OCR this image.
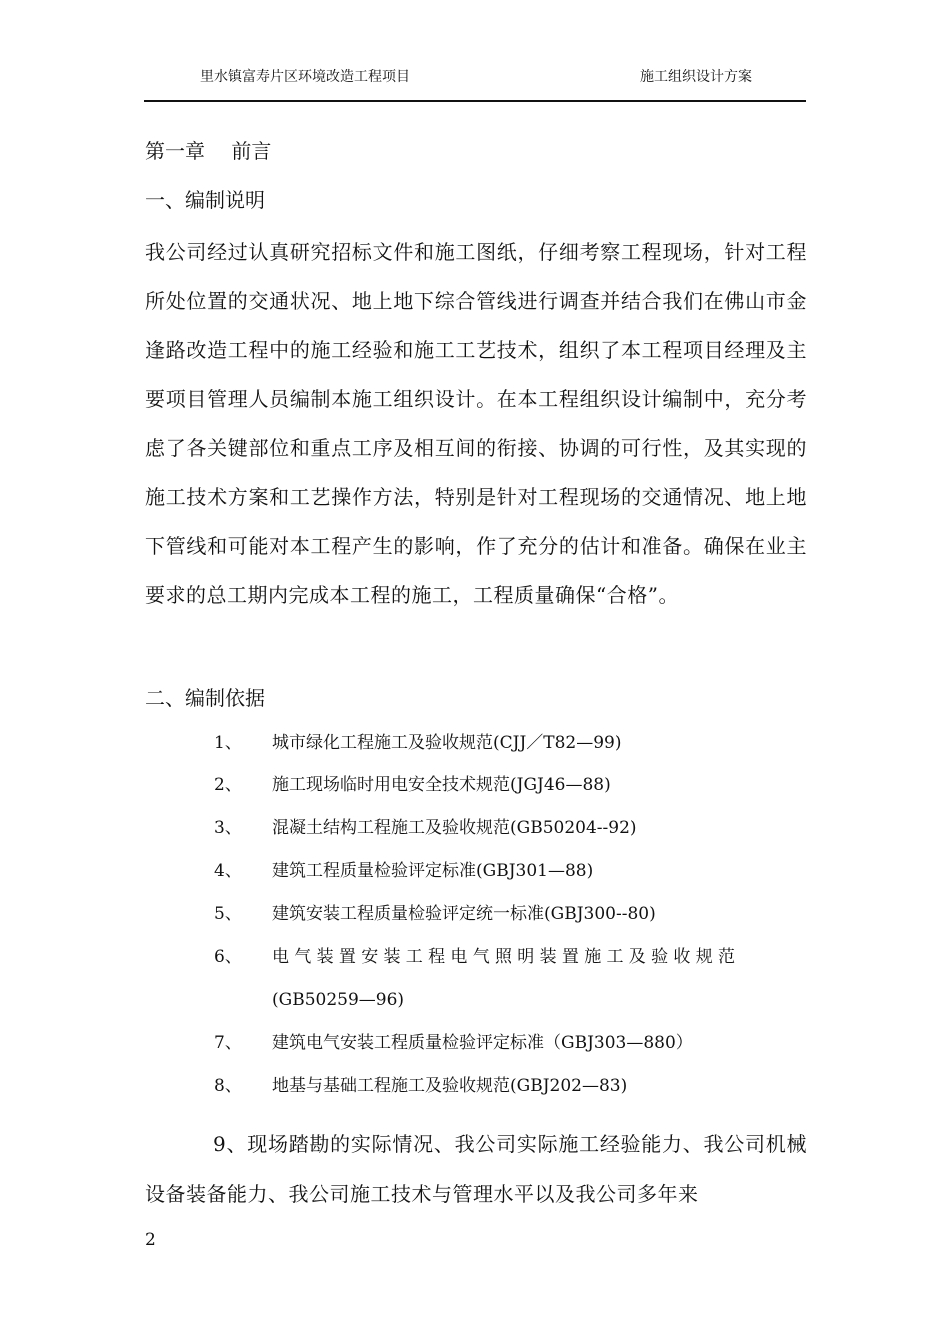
里水镇富寿片区环境改造工程项目	施工组织设计方案
第一章　 前言
一、编制说明
我公司经过认真研究招标文件和施工图纸，仔细考察工程现场，针对工程所处位置的交通状况、地上地下综合管线进行调查并结合我们在佛山市金逢路改造工程中的施工经验和施工工艺技术，组织了本工程项目经理及主要项目管理人员编制本施工组织设计。在本工程组织设计编制中，充分考虑了各关键部位和重点工序及相互间的衔接、协调的可行性，及其实现的施工技术方案和工艺操作方法，特别是针对工程现场的交通情况、地上地下管线和可能对本工程产生的影响，作了充分的估计和准备。确保在业主要求的总工期内完成本工程的施工，工程质量确保“合格”。
二、编制依据
1、 城市绿化工程施工及验收规范(CJJ／T82—99)
2、 施工现场临时用电安全技术规范(JGJ46—88)
3、 混凝土结构工程施工及验收规范(GB50204--92)
4、 建筑工程质量检验评定标准(GBJ301—88)
5、 建筑安装工程质量检验评定统一标准(GBJ300--80)
6、 电气装置安装工程电气照明装置施工及验收规范
(GB50259—96)
7、 建筑电气安装工程质量检验评定标准（GBJ303—880）
8、 地基与基础工程施工及验收规范(GBJ202—83)
9、现场踏勘的实际情况、我公司实际施工经验能力、我公司机械设备装备能力、我公司施工技术与管理水平以及我公司多年来
2
